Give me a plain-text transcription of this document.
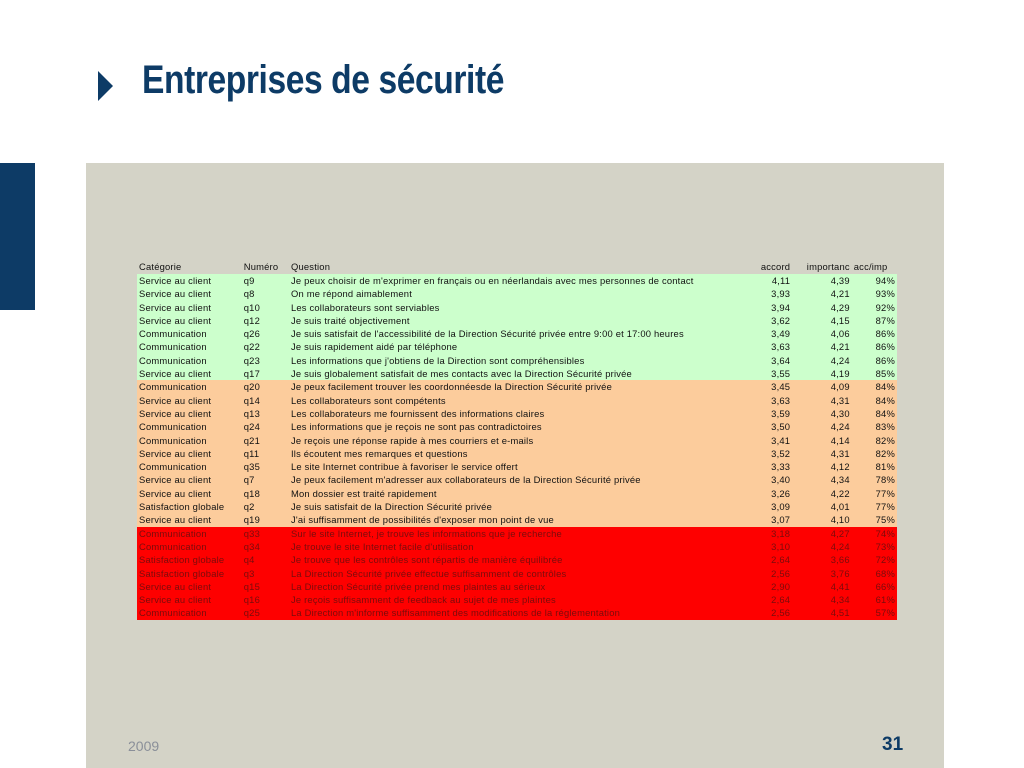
Entreprises de sécurité
Catégorie	Numéro	Question	accord	importanc	acc/imp
Service au client	q9	Je peux choisir de m'exprimer en français ou en néerlandais avec mes personnes de contact	4,11	4,39	94%
Service au client	q8	On me répond aimablement	3,93	4,21	93%
Service au client	q10	Les collaborateurs sont serviables	3,94	4,29	92%
Service au client	q12	Je suis traité objectivement	3,62	4,15	87%
Communication	q26	Je suis satisfait de l'accessibilité de la Direction Sécurité privée entre 9:00 et 17:00 heures	3,49	4,06	86%
Communication	q22	Je suis rapidement aidé par téléphone	3,63	4,21	86%
Communication	q23	Les informations que j'obtiens de la Direction sont compréhensibles	3,64	4,24	86%
Service au client	q17	Je suis globalement satisfait de mes contacts avec la Direction Sécurité privée	3,55	4,19	85%
Communication	q20	Je peux facilement trouver les coordonnéesde la Direction Sécurité privée	3,45	4,09	84%
Service au client	q14	Les collaborateurs sont compétents	3,63	4,31	84%
Service au client	q13	Les collaborateurs me fournissent des informations claires	3,59	4,30	84%
Communication	q24	Les informations que je reçois ne sont pas contradictoires	3,50	4,24	83%
Communication	q21	Je reçois une réponse rapide à mes courriers et e-mails	3,41	4,14	82%
Service au client	q11	Ils écoutent mes remarques et questions	3,52	4,31	82%
Communication	q35	Le site Internet contribue à favoriser le service offert	3,33	4,12	81%
Service au client	q7	Je peux facilement m'adresser aux collaborateurs de la Direction Sécurité privée	3,40	4,34	78%
Service au client	q18	Mon dossier est traité rapidement	3,26	4,22	77%
Satisfaction globale	q2	Je suis satisfait de la Direction Sécurité privée	3,09	4,01	77%
Service au client	q19	J'ai suffisamment de possibilités d'exposer mon point de vue	3,07	4,10	75%
Communication	q33	Sur le site Internet, je trouve les informations que je recherche	3,18	4,27	74%
Communication	q34	Je trouve le site Internet facile d'utilisation	3,10	4,24	73%
Satisfaction globale	q4	Je trouve que les contrôles sont répartis de manière équilibrée	2,64	3,66	72%
Satisfaction globale	q3	La Direction Sécurité privée effectue suffisamment de contrôles	2,56	3,76	68%
Service au client	q15	La Direction Sécurité privée prend mes plaintes au sérieux	2,90	4,41	66%
Service au client	q16	Je reçois suffisamment de feedback au sujet de mes plaintes	2,64	4,34	61%
Communication	q25	La Direction m'informe suffisamment des modifications de la réglementation	2,56	4,51	57%
2009	31
